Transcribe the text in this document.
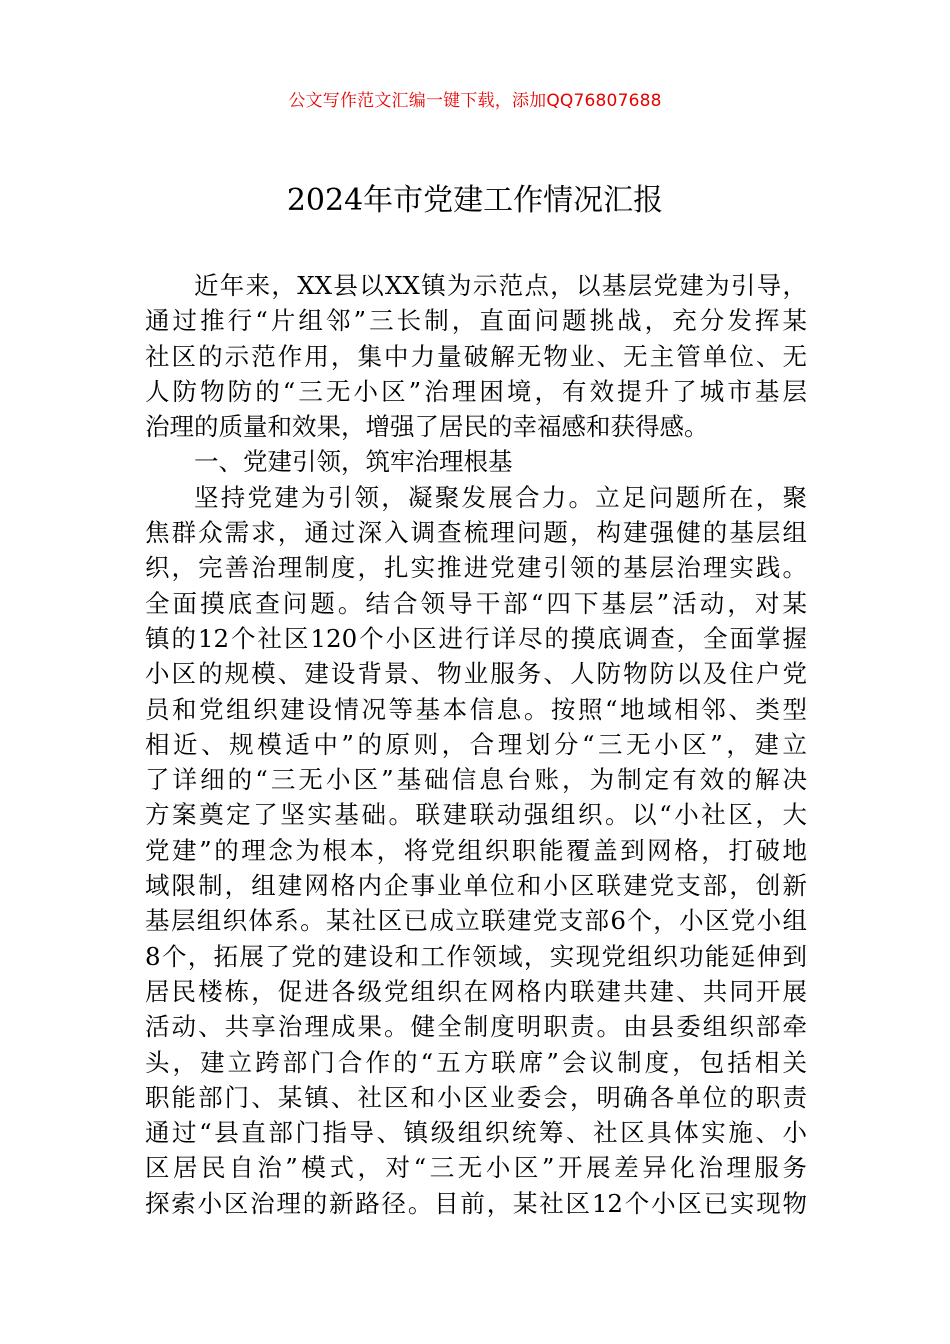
公文写作范文汇编一键下载，添加QQ76807688
2024年市党建工作情况汇报
近年来，XX县以XX镇为示范点，以基层党建为引导，
通过推行“片组邻”三长制，直面问题挑战，充分发挥某
社区的示范作用，集中力量破解无物业、无主管单位、无
人防物防的“三无小区”治理困境，有效提升了城市基层
治理的质量和效果，增强了居民的幸福感和获得感。
一、党建引领，筑牢治理根基
坚持党建为引领，凝聚发展合力。立足问题所在，聚
焦群众需求，通过深入调查梳理问题，构建强健的基层组
织，完善治理制度，扎实推进党建引领的基层治理实践。
全面摸底查问题。结合领导干部“四下基层”活动，对某
镇的12个社区120个小区进行详尽的摸底调查，全面掌握
小区的规模、建设背景、物业服务、人防物防以及住户党
员和党组织建设情况等基本信息。按照“地域相邻、类型
相近、规模适中”的原则，合理划分“三无小区”，建立
了详细的“三无小区”基础信息台账，为制定有效的解决
方案奠定了坚实基础。联建联动强组织。以“小社区，大
党建”的理念为根本，将党组织职能覆盖到网格，打破地
域限制，组建网格内企事业单位和小区联建党支部，创新
基层组织体系。某社区已成立联建党支部6个，小区党小组
8个，拓展了党的建设和工作领域，实现党组织功能延伸到
居民楼栋，促进各级党组织在网格内联建共建、共同开展
活动、共享治理成果。健全制度明职责。由县委组织部牵
头，建立跨部门合作的“五方联席”会议制度，包括相关
职能部门、某镇、社区和小区业委会，明确各单位的职责
通过“县直部门指导、镇级组织统筹、社区具体实施、小
区居民自治”模式，对“三无小区”开展差异化治理服务
探索小区治理的新路径。目前，某社区12个小区已实现物
